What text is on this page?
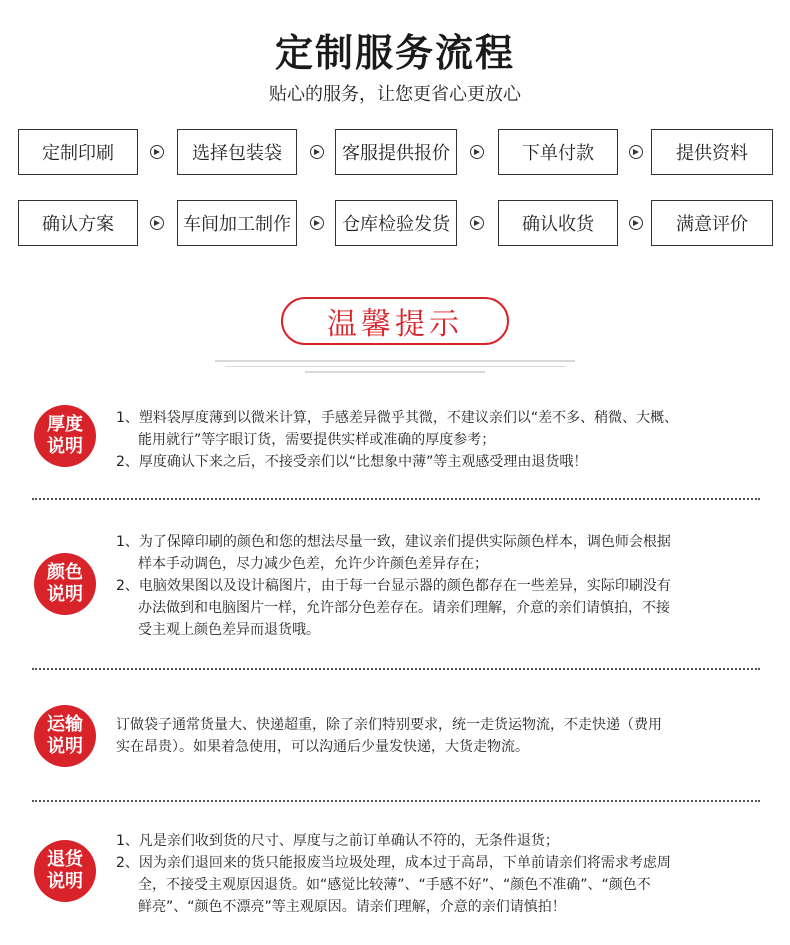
定制服务流程
贴心的服务，让您更省心更放心
定制印刷	选择包装袋	客服提供报价	下单付款	提供资料
确认方案	车间加工制作	仓库检验发货	确认收货	满意评价
温馨提示
厚度
说明

1、塑料袋厚度薄到以微米计算，手感差异微乎其微，不建议亲们以“差不多、稍微、大概、

能用就行”等字眼订货，需要提供实样或准确的厚度参考；

2、厚度确认下来之后，不接受亲们以“比想象中薄”等主观感受理由退货哦！

颜色
说明

1、为了保障印刷的颜色和您的想法尽量一致，建议亲们提供实际颜色样本，调色师会根据

样本手动调色，尽力减少色差，允许少许颜色差异存在；

2、电脑效果图以及设计稿图片，由于每一台显示器的颜色都存在一些差异，实际印刷没有

办法做到和电脑图片一样，允许部分色差存在。请亲们理解，介意的亲们请慎拍，不接

受主观上颜色差异而退货哦。

运输
说明

订做袋子通常货量大、快递超重，除了亲们特别要求，统一走货运物流，不走快递（费用

实在昂贵）。如果着急使用，可以沟通后少量发快递，大货走物流。

退货
说明

1、凡是亲们收到货的尺寸、厚度与之前订单确认不符的，无条件退货；

2、因为亲们退回来的货只能报废当垃圾处理，成本过于高昂，下单前请亲们将需求考虑周

全，不接受主观原因退货。如“感觉比较薄”、“手感不好”、“颜色不准确”、“颜色不

鲜亮”、“颜色不漂亮”等主观原因。请亲们理解，介意的亲们请慎拍！
